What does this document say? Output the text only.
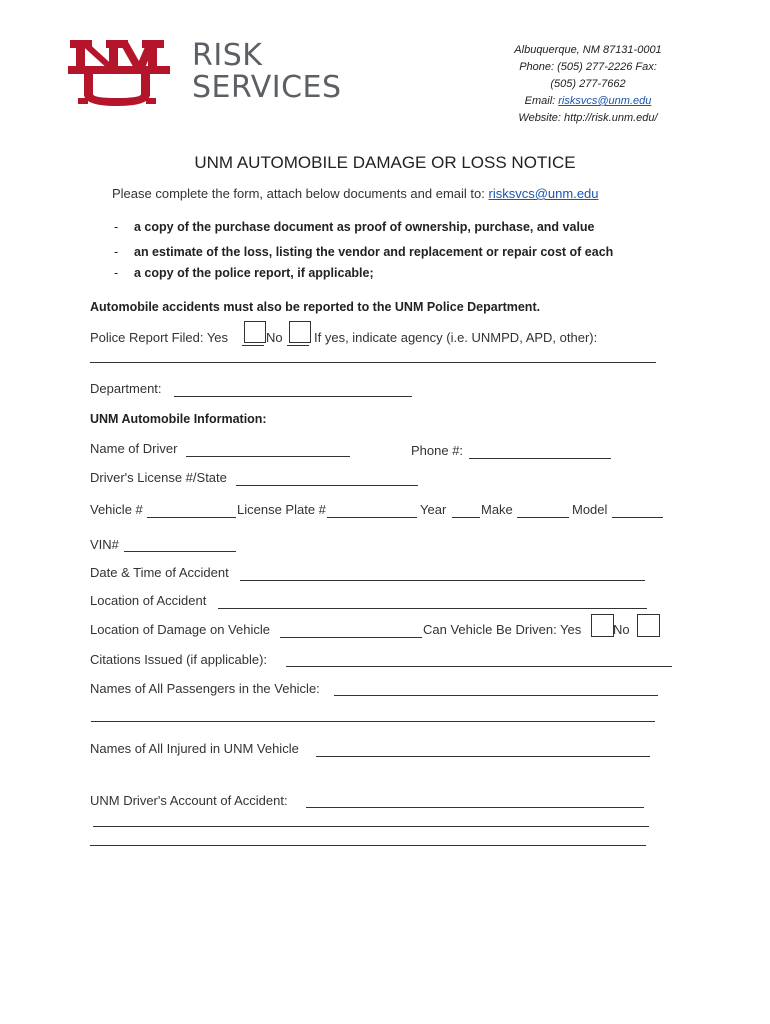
RISK
SERVICES
Albuquerque, NM 87131-0001
Phone: (505) 277-2226 Fax:
(505) 277-7662
Email: risksvcs@unm.edu
Website: http://risk.unm.edu/
UNM AUTOMOBILE DAMAGE OR LOSS NOTICE
Please complete the form, attach below documents and email to: risksvcs@unm.edu
- a copy of the purchase document as proof of ownership, purchase, and value
- an estimate of the loss, listing the vendor and replacement or repair cost of each
- a copy of the police report, if applicable;
Automobile accidents must also be reported to the UNM Police Department.
Police Report Filed: Yes	No If yes, indicate agency (i.e. UNMPD, APD, other):
Department:
UNM Automobile Information:
Name of Driver	Phone #:
Driver's License #/State
Vehicle #	License Plate #	Year	Make	Model
VIN#
Date & Time of Accident
Location of Accident
Location of Damage on Vehicle	Can Vehicle Be Driven: Yes No
Citations Issued (if applicable):
Names of All Passengers in the Vehicle:
Names of All Injured in UNM Vehicle
UNM Driver's Account of Accident:
